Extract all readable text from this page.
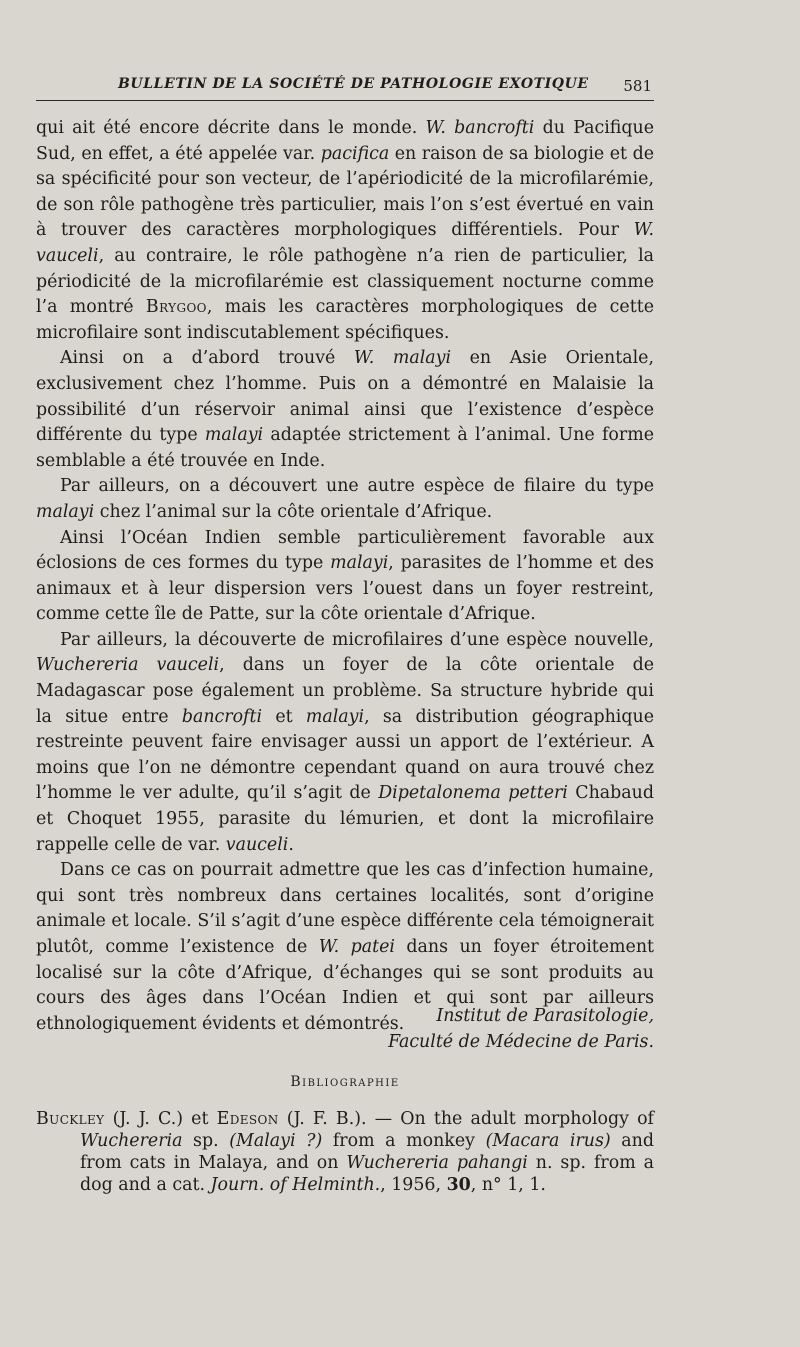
BULLETIN DE LA SOCIÉTÉ DE PATHOLOGIE EXOTIQUE 581

qui ait été encore décrite dans le monde. W. bancrofti du Pacifique Sud, en effet, a été appelée var. pacifica en raison de sa biologie et de sa spécificité pour son vecteur, de l’apériodicité de la microfilarémie, de son rôle pathogène très particulier, mais l’on s’est évertué en vain à trouver des caractères morphologiques différentiels. Pour W. vauceli, au contraire, le rôle pathogène n’a rien de particulier, la périodicité de la microfilarémie est classiquement nocturne comme l’a montré Brygoo, mais les caractères morphologiques de cette microfilaire sont indiscutablement spécifiques.

Ainsi on a d’abord trouvé W. malayi en Asie Orientale, exclusivement chez l’homme. Puis on a démontré en Malaisie la possibilité d’un réservoir animal ainsi que l’existence d’espèce différente du type malayi adaptée strictement à l’animal. Une forme semblable a été trouvée en Inde.

Par ailleurs, on a découvert une autre espèce de filaire du type malayi chez l’animal sur la côte orientale d’Afrique.

Ainsi l’Océan Indien semble particulièrement favorable aux éclosions de ces formes du type malayi, parasites de l’homme et des animaux et à leur dispersion vers l’ouest dans un foyer restreint, comme cette île de Patte, sur la côte orientale d’Afrique.

Par ailleurs, la découverte de microfilaires d’une espèce nouvelle, Wuchereria vauceli, dans un foyer de la côte orientale de Madagascar pose également un problème. Sa structure hybride qui la situe entre bancrofti et malayi, sa distribution géographique restreinte peuvent faire envisager aussi un apport de l’extérieur. A moins que l’on ne démontre cependant quand on aura trouvé chez l’homme le ver adulte, qu’il s’agit de Dipetalonema petteri Chabaud et Choquet 1955, parasite du lémurien, et dont la microfilaire rappelle celle de var. vauceli.

Dans ce cas on pourrait admettre que les cas d’infection humaine, qui sont très nombreux dans certaines localités, sont d’origine animale et locale. S’il s’agit d’une espèce différente cela témoignerait plutôt, comme l’existence de W. patei dans un foyer étroitement localisé sur la côte d’Afrique, d’échanges qui se sont produits au cours des âges dans l’Océan Indien et qui sont par ailleurs ethnologiquement évidents et démontrés.	Institut de Parasitologie,
Faculté de Médecine de Paris.
Bibliographie
Buckley (J. J. C.) et Edeson (J. F. B.). — On the adult morphology of Wuchereria sp. (Malayi ?) from a monkey (Macara irus) and from cats in Malaya, and on Wuchereria pahangi n. sp. from a dog and a cat. Journ. of Helminth., 1956, 30, n° 1, 1.
